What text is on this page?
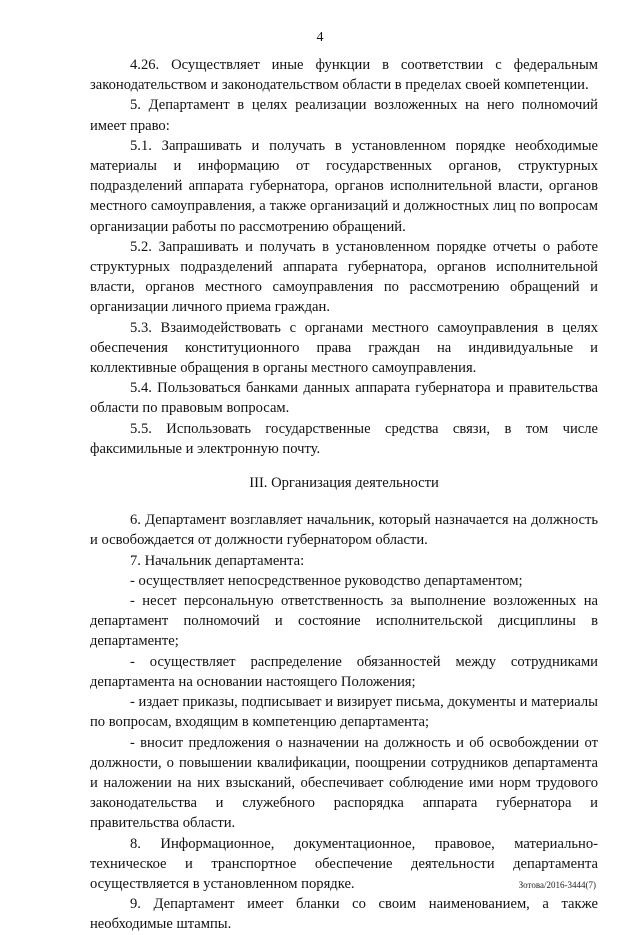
4

4.26. Осуществляет иные функции в соответствии с федеральным законодательством и законодательством области в пределах своей компетенции.

5. Департамент в целях реализации возложенных на него полномочий имеет право:

5.1. Запрашивать и получать в установленном порядке необходимые материалы и информацию от государственных органов, структурных подразделений аппарата губернатора, органов исполнительной власти, органов местного самоуправления, а также организаций и должностных лиц по вопросам организации работы по рассмотрению обращений.

5.2. Запрашивать и получать в установленном порядке отчеты о работе структурных подразделений аппарата губернатора, органов исполнительной власти, органов местного самоуправления по рассмотрению обращений и организации личного приема граждан.

5.3. Взаимодействовать с органами местного самоуправления в целях обеспечения конституционного права граждан на индивидуальные и коллективные обращения в органы местного самоуправления.

5.4. Пользоваться банками данных аппарата губернатора и правительства области по правовым вопросам.

5.5. Использовать государственные средства связи, в том числе факсимильные и электронную почту.

III. Организация деятельности

6. Департамент возглавляет начальник, который назначается на должность и освобождается от должности губернатором области.

7. Начальник департамента:

- осуществляет непосредственное руководство департаментом;

- несет персональную ответственность за выполнение возложенных на департамент полномочий и состояние исполнительской дисциплины в департаменте;

- осуществляет распределение обязанностей между сотрудниками департамента на основании настоящего Положения;

- издает приказы, подписывает и визирует письма, документы и материалы по вопросам, входящим в компетенцию департамента;

- вносит предложения о назначении на должность и об освобождении от должности, о повышении квалификации, поощрении сотрудников департамента и наложении на них взысканий, обеспечивает соблюдение ими норм трудового законодательства и служебного распорядка аппарата губернатора и правительства области.

8. Информационное, документационное, правовое, материально-техническое и транспортное обеспечение деятельности департамента осуществляется в установленном порядке.

9. Департамент имеет бланки со своим наименованием, а также необходимые штампы.

Зотова/2016-3444(7)
